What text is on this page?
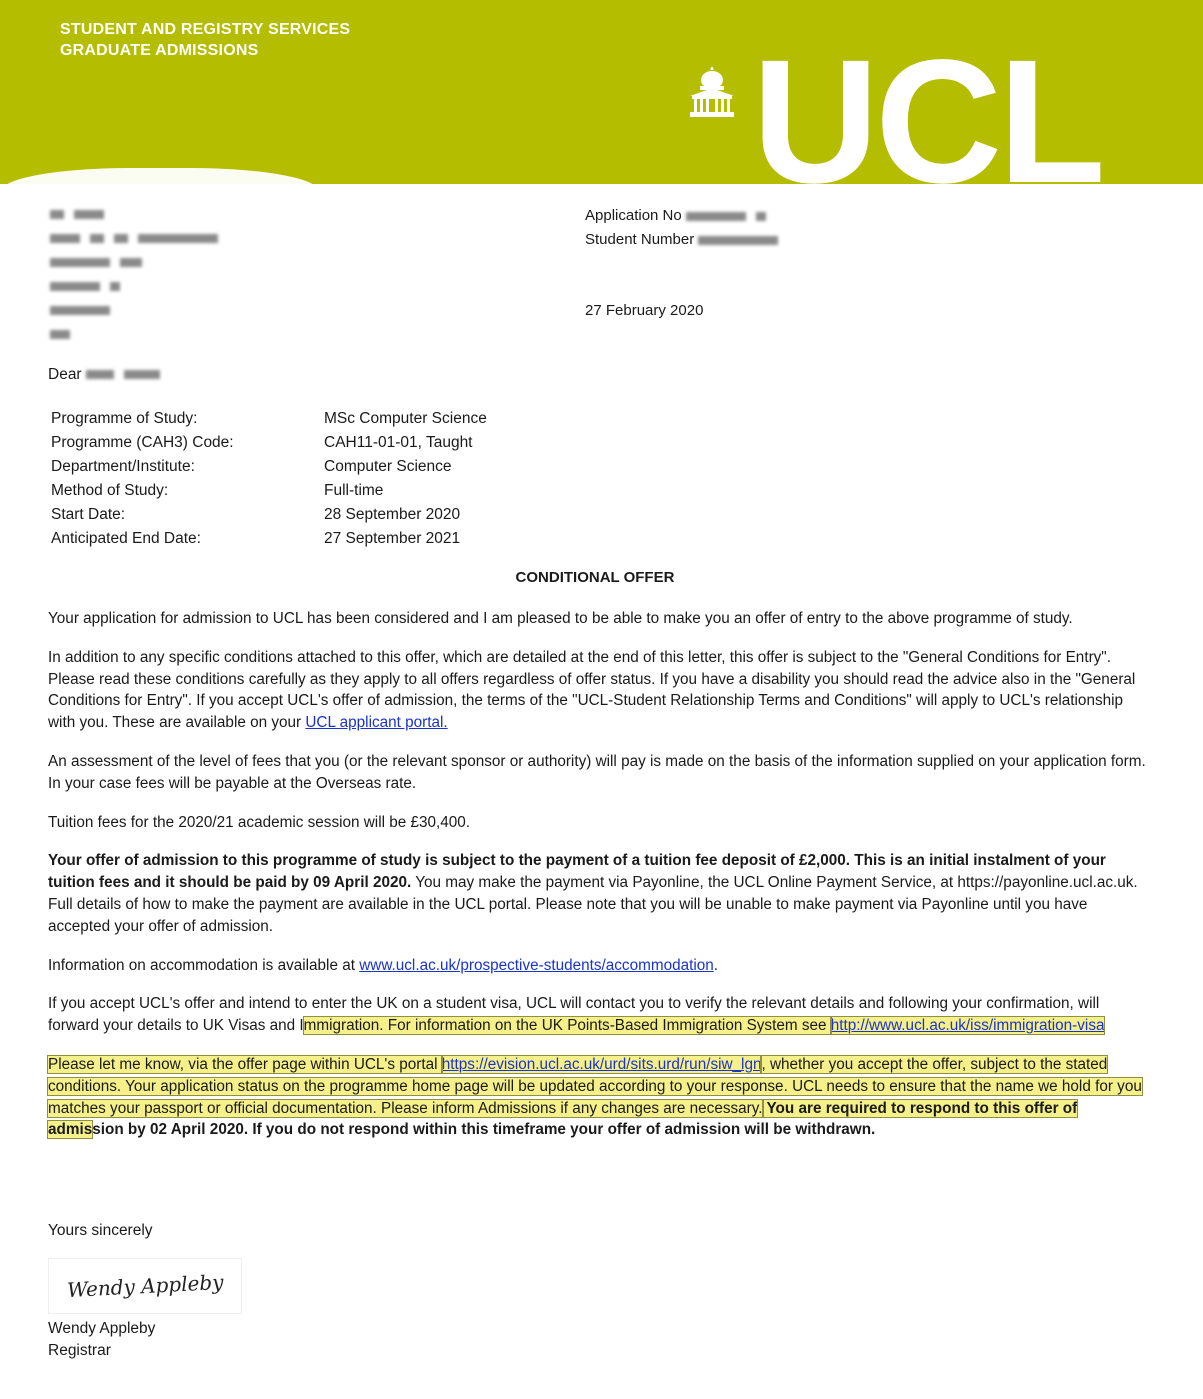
STUDENT AND REGISTRY SERVICES
GRADUATE ADMISSIONS	UCL
Application No
Student Number
27 February 2020
Dear
Programme of Study:	MSc Computer Science
Programme (CAH3) Code:	CAH11-01-01, Taught
Department/Institute:	Computer Science
Method of Study:	Full-time
Start Date:	28 September 2020
Anticipated End Date:	27 September 2021
CONDITIONAL OFFER

Your application for admission to UCL has been considered and I am pleased to be able to make you an offer of entry to the above programme of study.

In addition to any specific conditions attached to this offer, which are detailed at the end of this letter, this offer is subject to the "General Conditions for Entry". Please read these conditions carefully as they apply to all offers regardless of offer status. If you have a disability you should read the advice also in the "General Conditions for Entry". If you accept UCL's offer of admission, the terms of the "UCL-Student Relationship Terms and Conditions" will apply to UCL's relationship with you. These are available on your UCL applicant portal.

An assessment of the level of fees that you (or the relevant sponsor or authority) will pay is made on the basis of the information supplied on your application form. In your case fees will be payable at the Overseas rate.

Tuition fees for the 2020/21 academic session will be £30,400.

Your offer of admission to this programme of study is subject to the payment of a tuition fee deposit of £2,000. This is an initial instalment of your tuition fees and it should be paid by 09 April 2020. You may make the payment via Payonline, the UCL Online Payment Service, at https://payonline.ucl.ac.uk. Full details of how to make the payment are available in the UCL portal. Please note that you will be unable to make payment via Payonline until you have accepted your offer of admission.

Information on accommodation is available at www.ucl.ac.uk/prospective-students/accommodation.

If you accept UCL's offer and intend to enter the UK on a student visa, UCL will contact you to verify the relevant details and following your confirmation, will forward your details to UK Visas and Immigration. For information on the UK Points-Based Immigration System see http://www.ucl.ac.uk/iss/immigration-visa

Please let me know, via the offer page within UCL's portal https://evision.ucl.ac.uk/urd/sits.urd/run/siw_lgn, whether you accept the offer, subject to the stated conditions. Your application status on the programme home page will be updated according to your response. UCL needs to ensure that the name we hold for you matches your passport or official documentation. Please inform Admissions if any changes are necessary. You are required to respond to this offer of admission by 02 April 2020. If you do not respond within this timeframe your offer of admission will be withdrawn.

Yours sincerely
Wendy Appleby
Wendy Appleby
Registrar
